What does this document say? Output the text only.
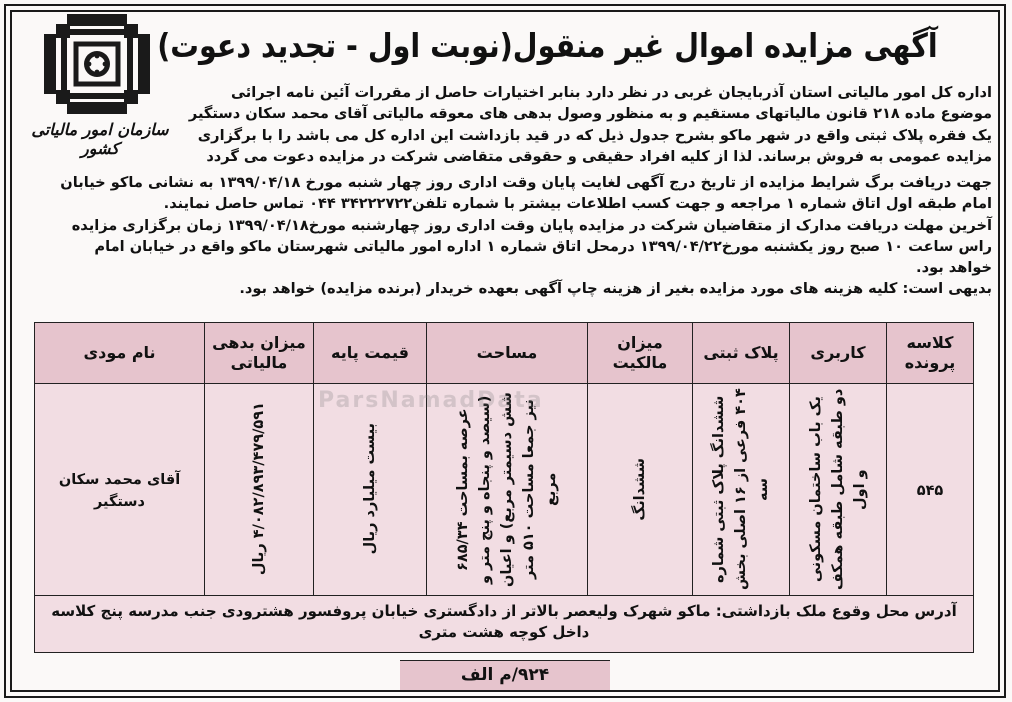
سازمان امور مالیاتی کشور
آگهی مزایده اموال غیر منقول(نوبت اول - تجدید دعوت)
اداره کل امور مالیاتی استان آذربایجان غربی در نظر دارد بنابر اختیارات حاصل از مقررات آئین نامه اجرائی
موضوع ماده ۲۱۸ قانون مالیاتهای مستقیم و به منظور وصول بدهی های معوقه مالیاتی آقای محمد سکان دستگیر
یک فقره پلاک ثبتی واقع در شهر ماکو بشرح جدول ذیل که در قید بازداشت این اداره کل می باشد را با برگزاری
مزایده عمومی به فروش برساند. لذا از کلیه افراد حقیقی و حقوقی متقاضی شرکت در مزایده دعوت می گردد
جهت دریافت برگ شرایط مزایده از تاریخ درج آگهی لغایت پایان وقت اداری روز چهار شنبه مورخ ۱۳۹۹/۰۴/۱۸ به نشانی ماکو خیابان
امام طبقه اول اتاق شماره ۱ مراجعه و جهت کسب اطلاعات بیشتر با شماره تلفن۳۴۲۲۲۷۲۲ ۰۴۴ تماس حاصل نمایند.
آخرین مهلت دریافت مدارک از متقاضیان شرکت در مزایده پایان وقت اداری روز چهارشنبه مورخ۱۳۹۹/۰۴/۱۸ زمان برگزاری مزایده
راس ساعت ۱۰ صبح روز یکشنبه مورخ۱۳۹۹/۰۴/۲۲ درمحل اتاق شماره ۱ اداره امور مالیاتی شهرستان ماکو واقع در خیابان امام
خواهد بود.
بدیهی است: کلیه هزینه های مورد مزایده بغیر از هزینه چاپ آگهی بعهده خریدار (برنده مزایده) خواهد بود.
کلاسه پرونده	کاربری	پلاک ثبتی	میزان مالکیت	مساحت	قیمت پایه	میزان بدهی مالیاتی	نام مودی
۵۴۵	یک باب ساختمان مسکونی دو طبقه شامل طبقه همکف و اول	ششدانگ پلاک ثبتی شماره ۴۰۴ فرعی از ۱۶ اصلی بخش سه	ششدانگ	عرصه بمساحت ۶۸۵/۳۴ (سیصد و پنجاه و پنج متر و شش دسیمتر مربع) و اعیان نیز جمعا مساحت ۵۱۰ متر مربع	بیست میلیارد ریال	۴/۰۸۲/۸۹۳/۴۷۹/۵۹۱ ریال	آقای محمد سکان دستگیر
ParsNamadData
آدرس محل وقوع ملک بازداشتی: ماکو شهرک ولیعصر بالاتر از دادگستری خیابان پروفسور هشترودی جنب مدرسه پنج کلاسه داخل کوچه هشت متری
۹۲۴/م الف
